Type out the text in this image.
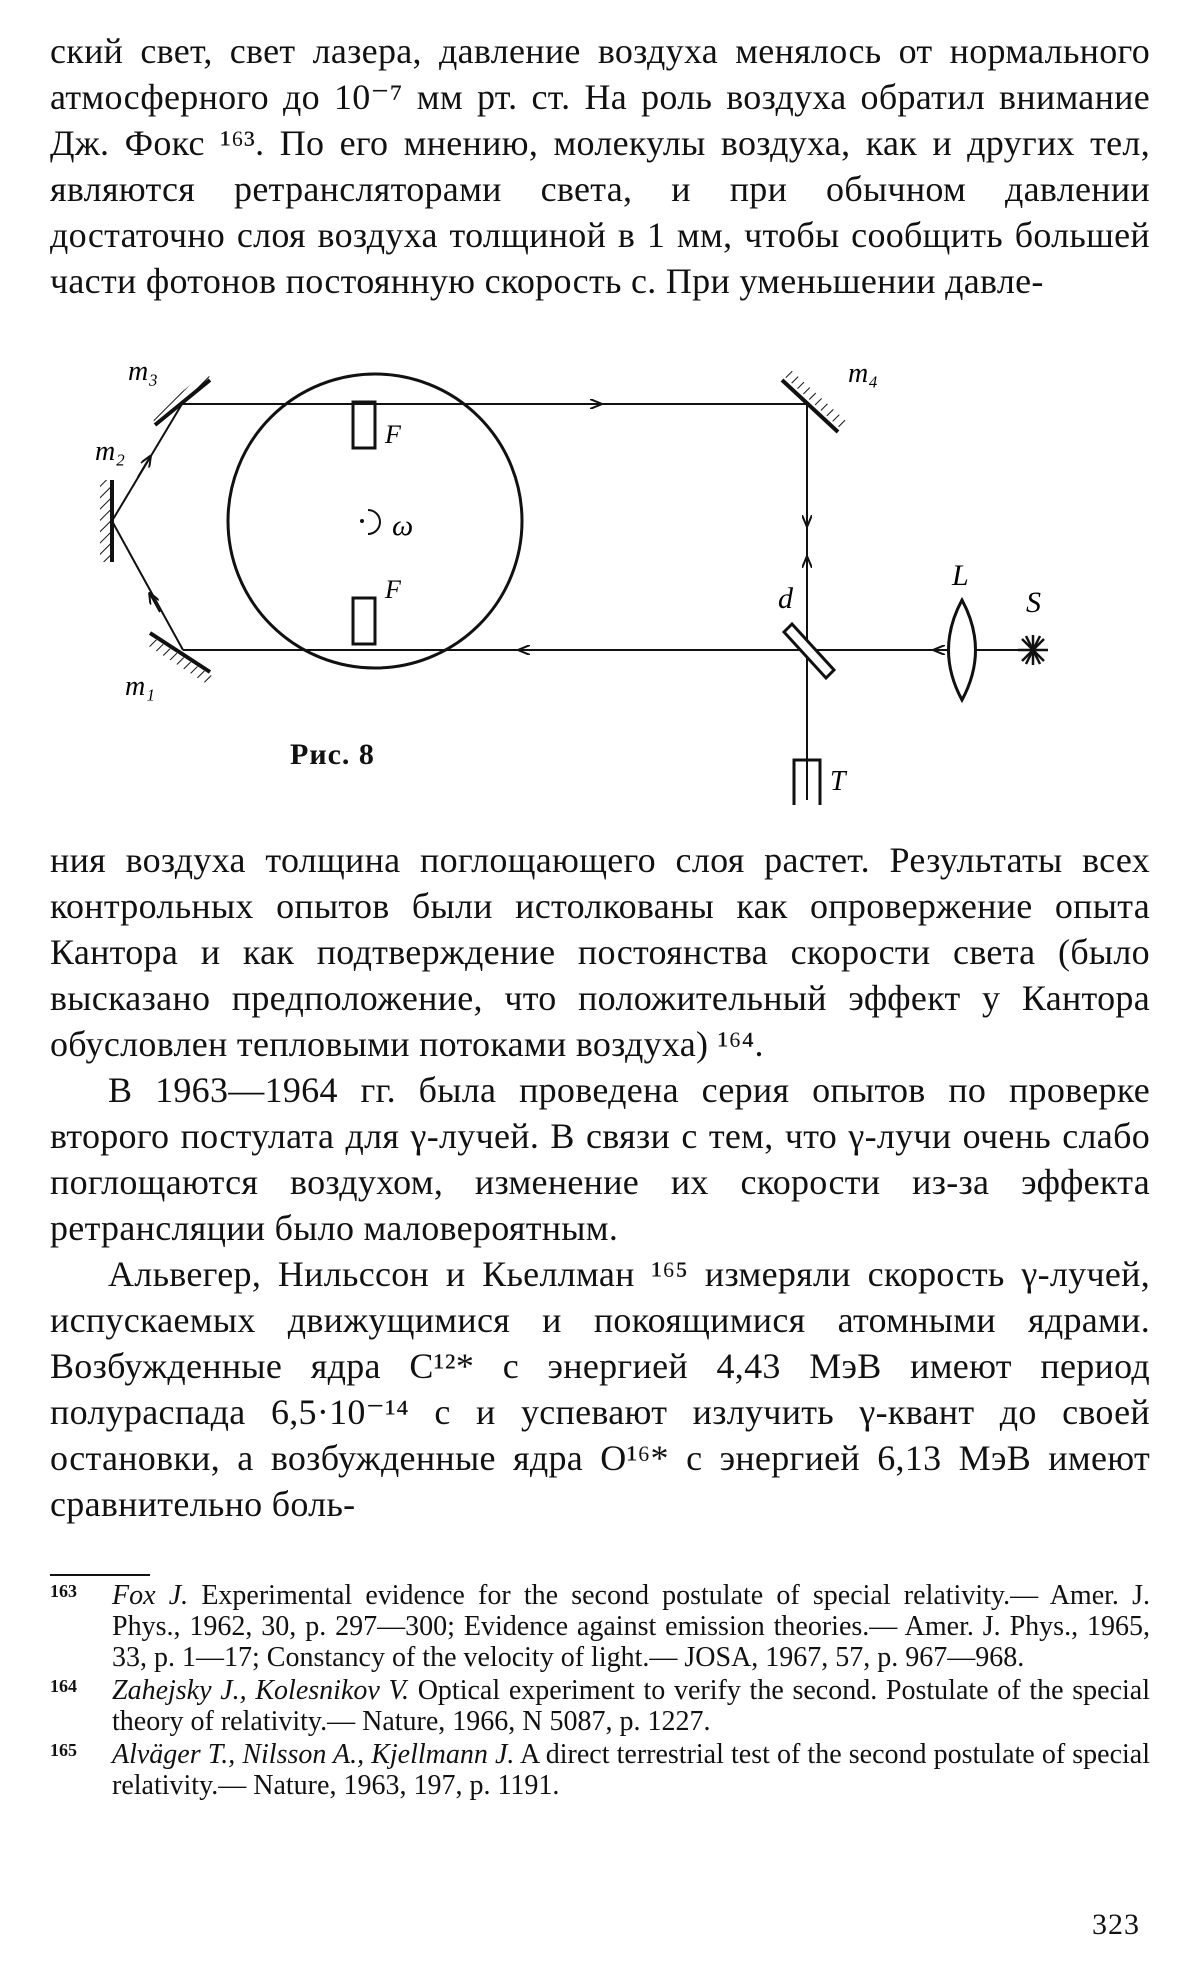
ский свет, свет лазера, давление воздуха менялось от нормального атмосферного до 10⁻⁷ мм рт. ст. На роль воздуха обратил внимание Дж. Фокс ¹⁶³. По его мнению, молекулы воздуха, как и других тел, являются ретрансляторами света, и при обычном давлении достаточно слоя воздуха толщиной в 1 мм, чтобы сообщить большей части фотонов постоянную скорость c. При уменьшении давле-

ω
F
F
m₃
m₂
m₁
m₄
d
L
S
T
Рис. 8

ния воздуха толщина поглощающего слоя растет. Результаты всех контрольных опытов были истолкованы как опровержение опыта Кантора и как подтверждение постоянства скорости света (было высказано предположение, что положительный эффект у Кантора обусловлен тепловыми потоками воздуха) ¹⁶⁴.

В 1963—1964 гг. была проведена серия опытов по проверке второго постулата для γ-лучей. В связи с тем, что γ-лучи очень слабо поглощаются воздухом, изменение их скорости из-за эффекта ретрансляции было маловероятным.

Альвегер, Нильссон и Кьеллман ¹⁶⁵ измеряли скорость γ-лучей, испускаемых движущимися и покоящимися атомными ядрами. Возбужденные ядра C¹²* с энергией 4,43 МэВ имеют период полураспада 6,5·10⁻¹⁴ с и успевают излучить γ-квант до своей остановки, а возбужденные ядра O¹⁶* с энергией 6,13 МэВ имеют сравнительно боль-

163 Fox J. Experimental evidence for the second postulate of special relativity.— Amer. J. Phys., 1962, 30, p. 297—300; Evidence against emission theories.— Amer. J. Phys., 1965, 33, p. 1—17; Constancy of the velocity of light.— JOSA, 1967, 57, p. 967—968.
164 Zahejsky J., Kolesnikov V. Optical experiment to verify the second. Postulate of the special theory of relativity.— Nature, 1966, N 5087, p. 1227.
165 Alväger T., Nilsson A., Kjellmann J. A direct terrestrial test of the second postulate of special relativity.— Nature, 1963, 197, p. 1191.
323
